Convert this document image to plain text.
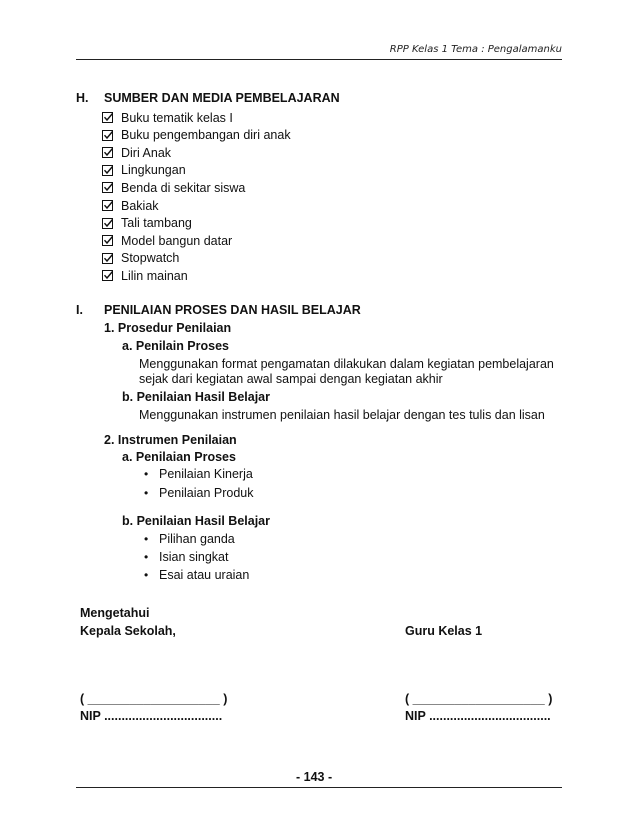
RPP Kelas 1 Tema : Pengalamanku
H. SUMBER DAN MEDIA PEMBELAJARAN
Buku tematik kelas I
Buku pengembangan diri anak
Diri Anak
Lingkungan
Benda di sekitar siswa
Bakiak
Tali tambang
Model bangun datar
Stopwatch
Lilin mainan
I. PENILAIAN PROSES DAN HASIL BELAJAR
1. Prosedur Penilaian
a. Penilain Proses
Menggunakan format pengamatan dilakukan dalam kegiatan pembelajaran
sejak dari kegiatan awal sampai dengan kegiatan akhir
b. Penilaian Hasil Belajar
Menggunakan instrumen penilaian hasil belajar dengan tes tulis dan lisan
2. Instrumen Penilaian
a. Penilaian Proses
• Penilaian Kinerja
• Penilaian Produk
b. Penilaian Hasil Belajar
• Pilihan ganda
• Isian singkat
• Esai atau uraian
Mengetahui
Kepala Sekolah,	Guru Kelas 1
( ___________________ )	( ___________________ )
NIP ..................................	NIP ...................................
- 143 -
